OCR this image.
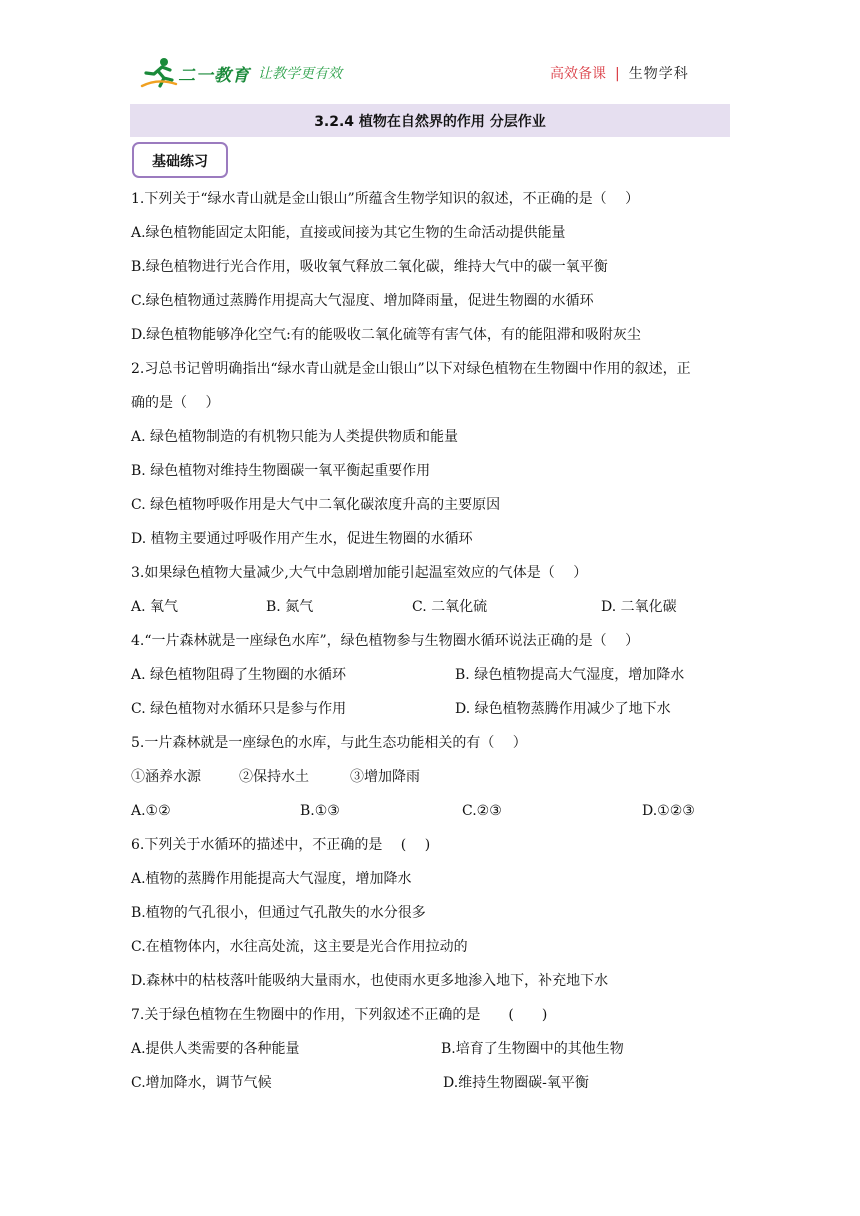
二一教育 让教学更有效	高效备课 | 生物学科
3.2.4 植物在自然界的作用 分层作业
基础练习
1.下列关于“绿水青山就是金山银山”所蕴含生物学知识的叙述，不正确的是（　 ）
A.绿色植物能固定太阳能，直接或间接为其它生物的生命活动提供能量
B.绿色植物进行光合作用，吸收氧气释放二氧化碳，维持大气中的碳一氧平衡
C.绿色植物通过蒸腾作用提高大气湿度、增加降雨量，促进生物圈的水循环
D.绿色植物能够净化空气:有的能吸收二氧化硫等有害气体，有的能阻滞和吸附灰尘
2.习总书记曾明确指出“绿水青山就是金山银山”以下对绿色植物在生物圈中作用的叙述，正
确的是（　 ）
A. 绿色植物制造的有机物只能为人类提供物质和能量
B. 绿色植物对维持生物圈碳一氧平衡起重要作用
C. 绿色植物呼吸作用是大气中二氧化碳浓度升高的主要原因
D. 植物主要通过呼吸作用产生水，促进生物圈的水循环
3.如果绿色植物大量减少,大气中急剧增加能引起温室效应的气体是（　 ）
A. 氧气	B. 氮气	C. 二氧化硫	D. 二氧化碳
4.“一片森林就是一座绿色水库”，绿色植物参与生物圈水循环说法正确的是（　 ）
A. 绿色植物阻碍了生物圈的水循环	B. 绿色植物提高大气湿度，增加降水
C. 绿色植物对水循环只是参与作用	D. 绿色植物蒸腾作用减少了地下水
5.一片森林就是一座绿色的水库，与此生态功能相关的有（　 ）
①涵养水源	②保持水土	③增加降雨
A.①②	B.①③	C.②③	D.①②③
6.下列关于水循环的描述中，不正确的是　 (　 )
A.植物的蒸腾作用能提高大气湿度，增加降水
B.植物的气孔很小，但通过气孔散失的水分很多
C.在植物体内，水往高处流，这主要是光合作用拉动的
D.森林中的枯枝落叶能吸纳大量雨水，也使雨水更多地渗入地下，补充地下水
7.关于绿色植物在生物圈中的作用，下列叙述不正确的是　　(　　)
A.提供人类需要的各种能量	B.培育了生物圈中的其他生物
C.增加降水，调节气候	D.维持生物圈碳-氧平衡
